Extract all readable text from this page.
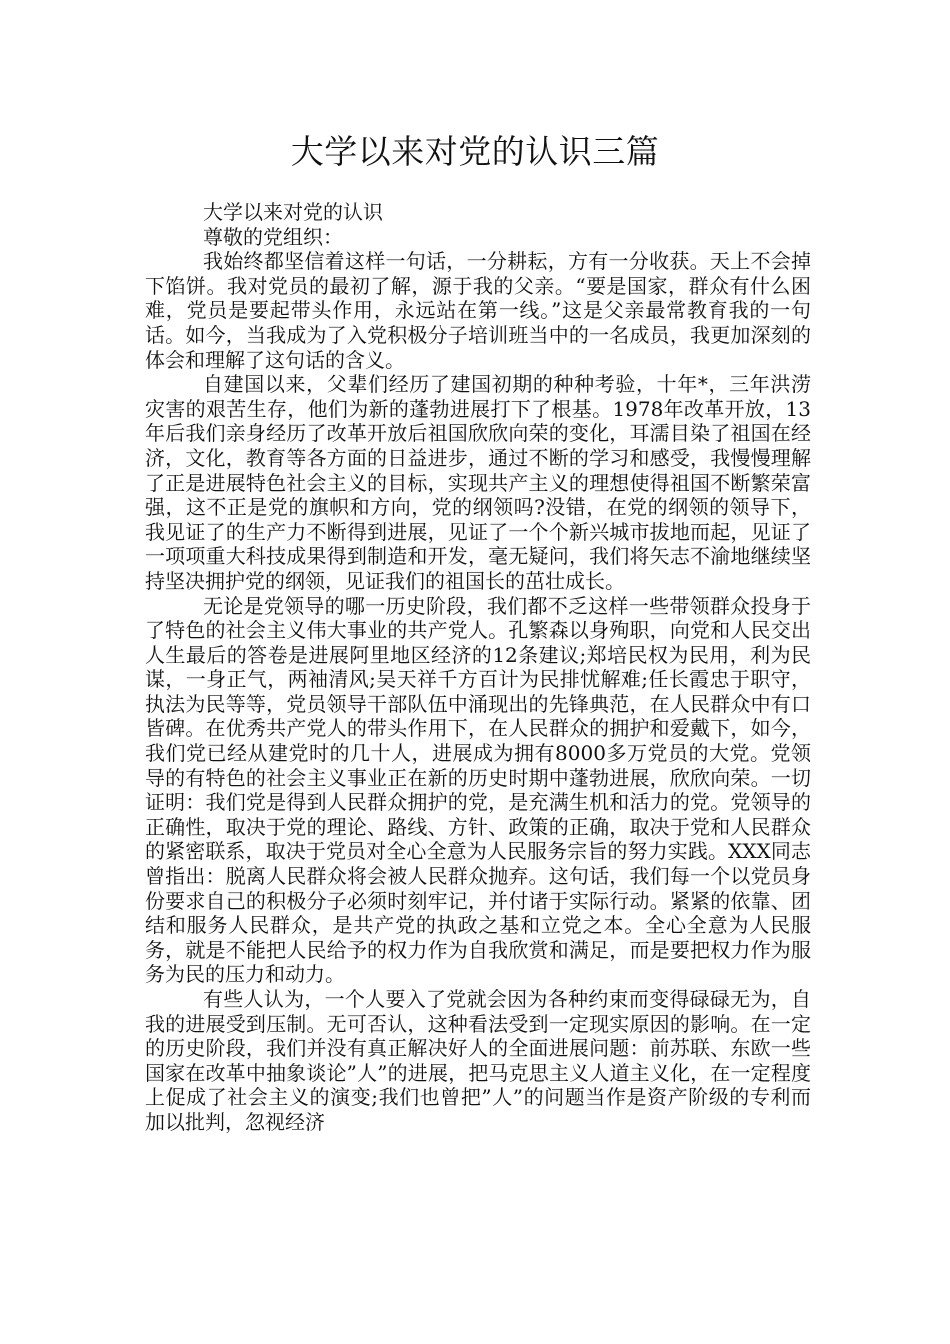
大学以来对党的认识三篇

大学以来对党的认识

尊敬的党组织：

我始终都坚信着这样一句话，一分耕耘，方有一分收获。天上不会掉下馅饼。我对党员的最初了解，源于我的父亲。“要是国家，群众有什么困难，党员是要起带头作用，永远站在第一线。”这是父亲最常教育我的一句话。如今，当我成为了入党积极分子培训班当中的一名成员，我更加深刻的体会和理解了这句话的含义。

自建国以来，父辈们经历了建国初期的种种考验，十年*，三年洪涝灾害的艰苦生存，他们为新的蓬勃进展打下了根基。1978年改革开放，13年后我们亲身经历了改革开放后祖国欣欣向荣的变化，耳濡目染了祖国在经济，文化，教育等各方面的日益进步，通过不断的学习和感受，我慢慢理解了正是进展特色社会主义的目标，实现共产主义的理想使得祖国不断繁荣富强，这不正是党的旗帜和方向，党的纲领吗?没错，在党的纲领的领导下，我见证了的生产力不断得到进展，见证了一个个新兴城市拔地而起，见证了一项项重大科技成果得到制造和开发，毫无疑问，我们将矢志不渝地继续坚持坚决拥护党的纲领，见证我们的祖国长的茁壮成长。

无论是党领导的哪一历史阶段，我们都不乏这样一些带领群众投身于了特色的社会主义伟大事业的共产党人。孔繁森以身殉职，向党和人民交出人生最后的答卷是进展阿里地区经济的12条建议;郑培民权为民用，利为民谋，一身正气，两袖清风;吴天祥千方百计为民排忧解难;任长霞忠于职守，执法为民等等，党员领导干部队伍中涌现出的先锋典范，在人民群众中有口皆碑。在优秀共产党人的带头作用下，在人民群众的拥护和爱戴下，如今，我们党已经从建党时的几十人，进展成为拥有8000多万党员的大党。党领导的有特色的社会主义事业正在新的历史时期中蓬勃进展，欣欣向荣。一切证明：我们党是得到人民群众拥护的党，是充满生机和活力的党。党领导的正确性，取决于党的理论、路线、方针、政策的正确，取决于党和人民群众的紧密联系，取决于党员对全心全意为人民服务宗旨的努力实践。XXX同志曾指出：脱离人民群众将会被人民群众抛弃。这句话，我们每一个以党员身份要求自己的积极分子必须时刻牢记，并付诸于实际行动。紧紧的依靠、团结和服务人民群众，是共产党的执政之基和立党之本。全心全意为人民服务，就是不能把人民给予的权力作为自我欣赏和满足，而是要把权力作为服务为民的压力和动力。

有些人认为，一个人要入了党就会因为各种约束而变得碌碌无为，自我的进展受到压制。无可否认，这种看法受到一定现实原因的影响。在一定的历史阶段，我们并没有真正解决好人的全面进展问题：前苏联、东欧一些国家在改革中抽象谈论”人”的进展，把马克思主义人道主义化，在一定程度上促成了社会主义的演变;我们也曾把”人”的问题当作是资产阶级的专利而加以批判，忽视经济
